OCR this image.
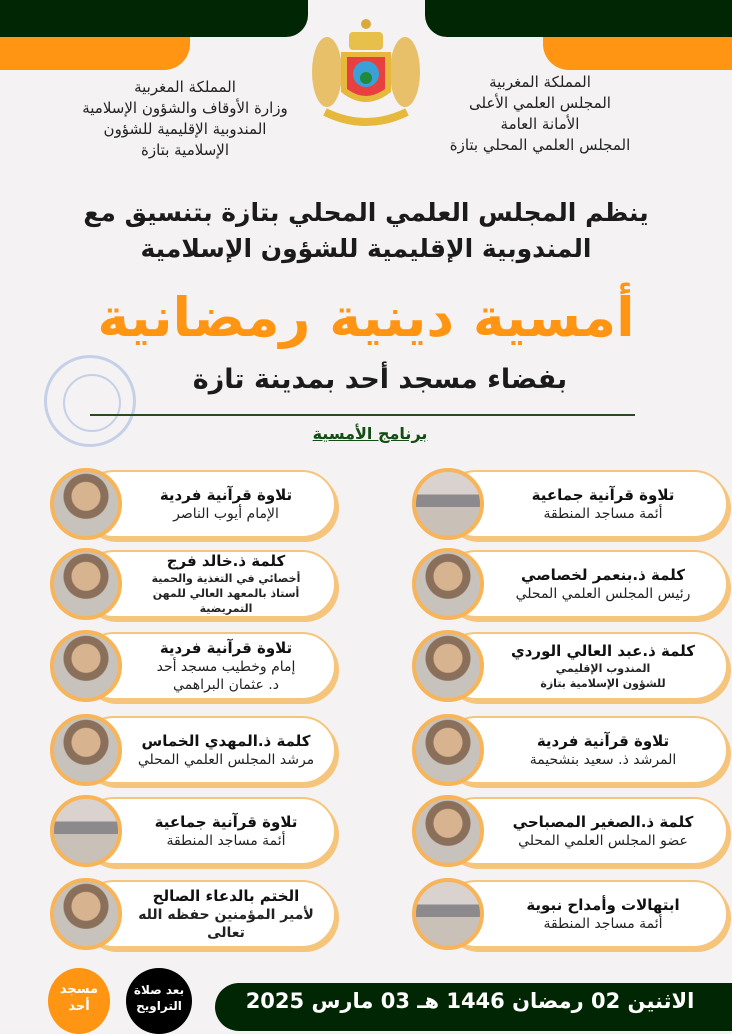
المملكة المغربية
وزارة الأوقاف والشؤون الإسلامية
المندوبية الإقليمية للشؤون
الإسلامية بتازة
المملكة المغربية
المجلس العلمي الأعلى
الأمانة العامة
المجلس العلمي المحلي بتازة
ينظم المجلس العلمي المحلي بتازة بتنسيق مع
المندوبية الإقليمية للشؤون الإسلامية
أمسية دينية رمضانية
بفضاء مسجد أحد بمدينة تازة
برنامج الأمسية
تلاوة قرآنية جماعية
أئمة مساجد المنطقة
كلمة ذ.بنعمر لخصاصي
رئيس المجلس العلمي المحلي
كلمة ذ.عبد العالي الوردي
المندوب الإقليمي
للشؤون الإسلامية بتازة
تلاوة قرآنية فردية
المرشد ذ. سعيد بنشحيمة
كلمة ذ.الصغير المصباحي
عضو المجلس العلمي المحلي
ابتهالات وأمداح نبوية
أئمة مساجد المنطقة
تلاوة قرآنية فردية
الإمام أيوب الناصر
كلمة ذ.خالد فرج
أخصائي في التغذية والحمية
أستاذ بالمعهد العالي للمهن التمريضية
تلاوة قرآنية فردية
إمام وخطيب مسجد أحد
د. عثمان البراهمي
كلمة ذ.المهدي الخماس
مرشد المجلس العلمي المحلي
تلاوة قرآنية جماعية
أئمة مساجد المنطقة
الختم بالدعاء الصالح
لأمير المؤمنين حفظه الله تعالى
الاثنين 02 رمضان 1446 هـ 03 مارس 2025
بعد صلاة
التراويح
مسجد
أحد
